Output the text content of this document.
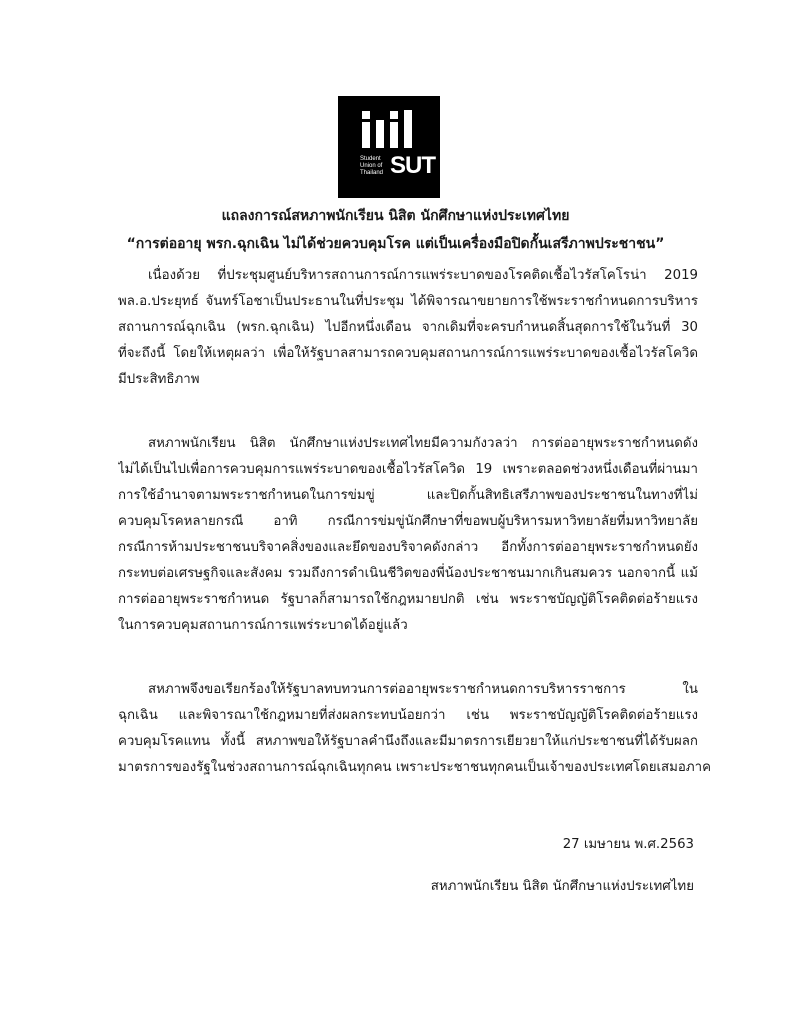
Student Union of Thailand SUT
แถลงการณ์สหภาพนักเรียน นิสิต นักศึกษาแห่งประเทศไทย
“การต่ออายุ พรก.ฉุกเฉิน ไม่ได้ช่วยควบคุมโรค แต่เป็นเครื่องมือปิดกั้นเสรีภาพประชาชน”
เนื่องด้วย ที่ประชุมศูนย์บริหารสถานการณ์การแพร่ระบาดของโรคติดเชื้อไวรัสโคโรน่า 2019
พล.อ.ประยุทธ์ จันทร์โอชาเป็นประธานในที่ประชุม ได้พิจารณาขยายการใช้พระราชกำหนดการบริหาร
สถานการณ์ฉุกเฉิน (พรก.ฉุกเฉิน) ไปอีกหนึ่งเดือน จากเดิมที่จะครบกำหนดสิ้นสุดการใช้ในวันที่ 30
ที่จะถึงนี้ โดยให้เหตุผลว่า เพื่อให้รัฐบาลสามารถควบคุมสถานการณ์การแพร่ระบาดของเชื้อไวรัสโควิด
มีประสิทธิภาพ
สหภาพนักเรียน นิสิต นักศึกษาแห่งประเทศไทยมีความกังวลว่า การต่ออายุพระราชกำหนดดัง
ไม่ได้เป็นไปเพื่อการควบคุมการแพร่ระบาดของเชื้อไวรัสโควิด 19 เพราะตลอดช่วงหนึ่งเดือนที่ผ่านมา
การใช้อำนาจตามพระราชกำหนดในการข่มขู่ และปิดกั้นสิทธิเสรีภาพของประชาชนในทางที่ไม่
ควบคุมโรคหลายกรณี อาทิ กรณีการข่มขู่นักศึกษาที่ขอพบผู้บริหารมหาวิทยาลัยที่มหาวิทยาลัย
กรณีการห้ามประชาชนบริจาคสิ่งของและยึดของบริจาคดังกล่าว อีกทั้งการต่ออายุพระราชกำหนดยัง
กระทบต่อเศรษฐกิจและสังคม รวมถึงการดำเนินชีวิตของพี่น้องประชาชนมากเกินสมควร นอกจากนี้ แม้
การต่ออายุพระราชกำหนด รัฐบาลก็สามารถใช้กฎหมายปกติ เช่น พระราชบัญญัติโรคติดต่อร้ายแรง
ในการควบคุมสถานการณ์การแพร่ระบาดได้อยู่แล้ว
สหภาพจึงขอเรียกร้องให้รัฐบาลทบทวนการต่ออายุพระราชกำหนดการบริหารราชการ ใน
ฉุกเฉิน และพิจารณาใช้กฎหมายที่ส่งผลกระทบน้อยกว่า เช่น พระราชบัญญัติโรคติดต่อร้ายแรง
ควบคุมโรคแทน ทั้งนี้ สหภาพขอให้รัฐบาลคำนึงถึงและมีมาตรการเยียวยาให้แก่ประชาชนที่ได้รับผลก
มาตรการของรัฐในช่วงสถานการณ์ฉุกเฉินทุกคน เพราะประชาชนทุกคนเป็นเจ้าของประเทศโดยเสมอภาค
27 เมษายน พ.ศ.2563
สหภาพนักเรียน นิสิต นักศึกษาแห่งประเทศไทย
